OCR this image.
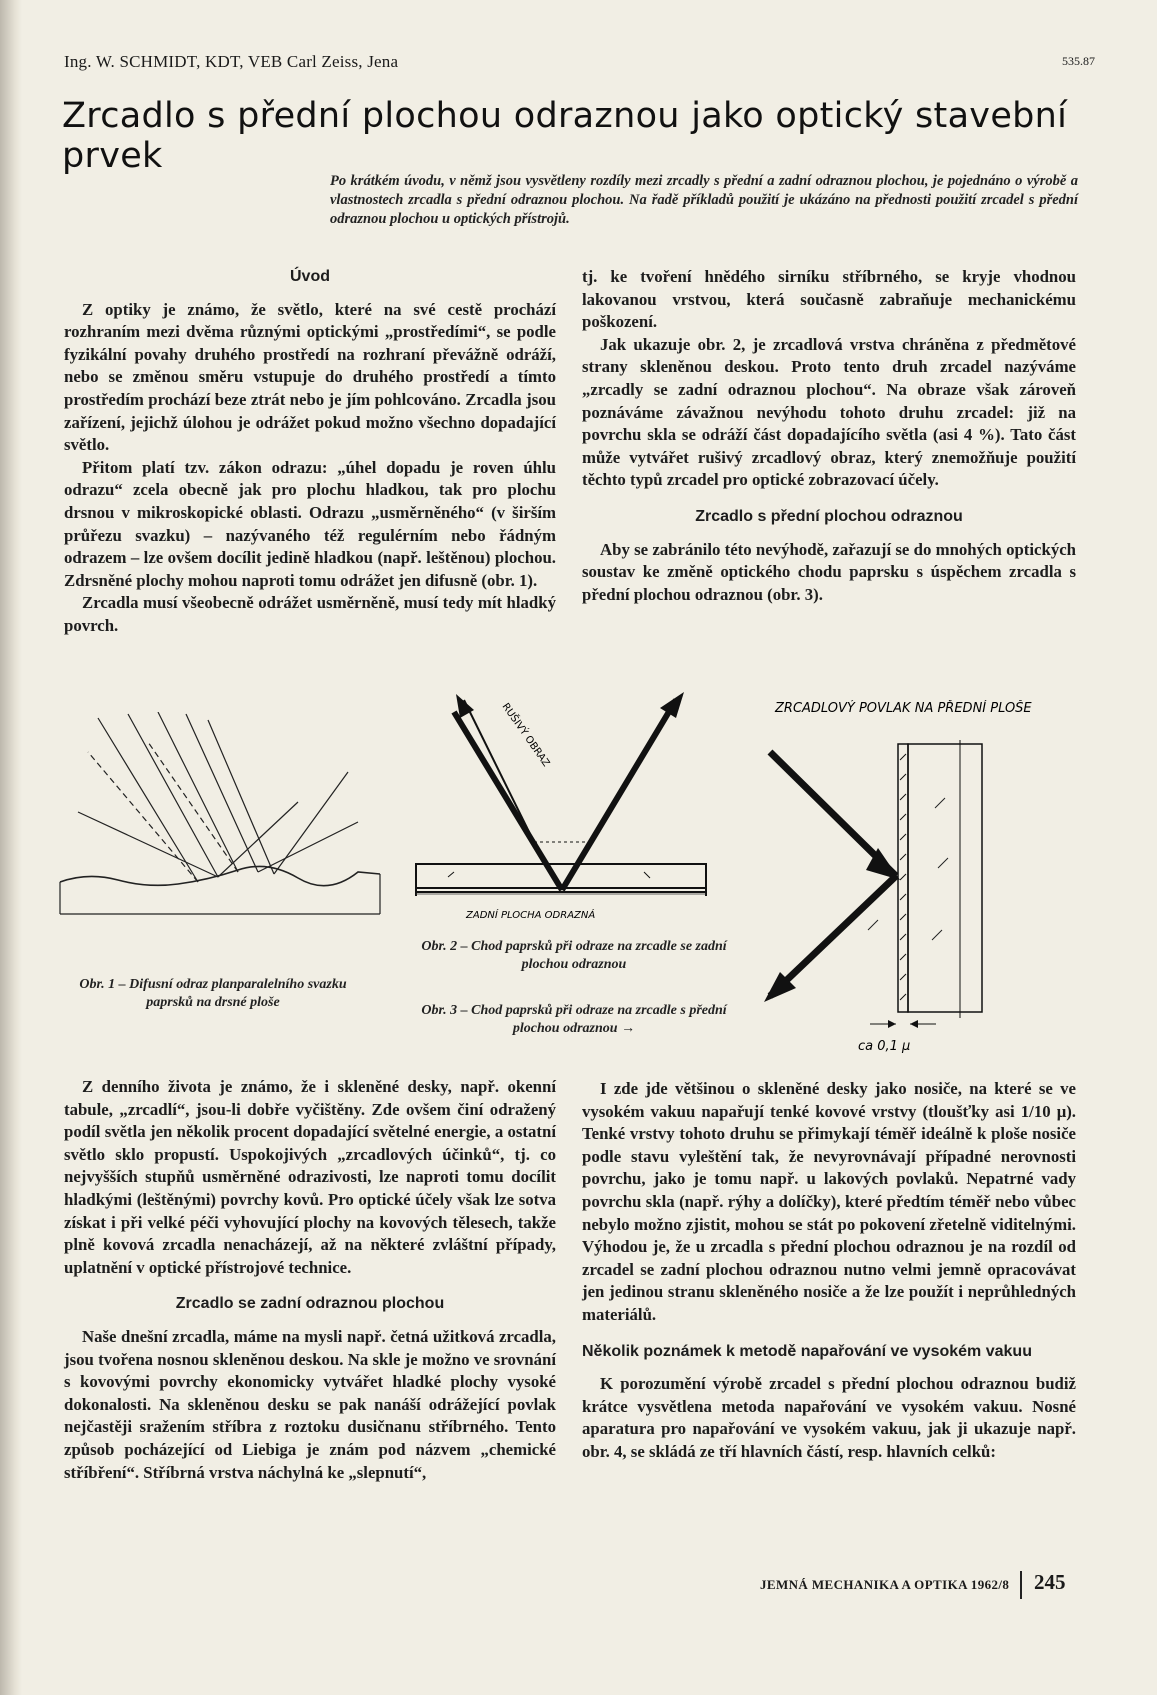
Ing. W. SCHMIDT, KDT, VEB Carl Zeiss, Jena	535.87
Zrcadlo s přední plochou odraznou jako optický stavební prvek
Po krátkém úvodu, v němž jsou vysvětleny rozdíly mezi zrcadly s přední a zadní odraznou plochou, je pojednáno o výrobě a vlastnostech zrcadla s přední odraznou plochou. Na řadě příkladů použití je ukázáno na přednosti použití zrcadel s přední odraznou plochou u optických přístrojů.
Úvod

Z optiky je známo, že světlo, které na své cestě prochází rozhraním mezi dvěma různými optickými „prostředími“, se podle fyzikální povahy druhého prostředí na rozhraní převážně odráží, nebo se změnou směru vstupuje do druhého prostředí a tímto prostředím prochází beze ztrát nebo je jím pohlcováno. Zrcadla jsou zařízení, jejichž úlohou je odrážet pokud možno všechno dopadající světlo.

Přitom platí tzv. zákon odrazu: „úhel dopadu je roven úhlu odrazu“ zcela obecně jak pro plochu hladkou, tak pro plochu drsnou v mikroskopické oblasti. Odrazu „usměrněného“ (v širším průřezu svazku) – nazývaného též regulérním nebo řádným odrazem – lze ovšem docílit jedině hladkou (např. leštěnou) plochou. Zdrsněné plochy mohou naproti tomu odrážet jen difusně (obr. 1).

Zrcadla musí všeobecně odrážet usměrněně, musí tedy mít hladký povrch.

tj. ke tvoření hnědého sirníku stříbrného, se kryje vhodnou lakovanou vrstvou, která současně zabraňuje mechanickému poškození.

Jak ukazuje obr. 2, je zrcadlová vrstva chráněna z předmětové strany skleněnou deskou. Proto tento druh zrcadel nazýváme „zrcadly se zadní odraznou plochou“. Na obraze však zároveň poznáváme závažnou nevýhodu tohoto druhu zrcadel: již na povrchu skla se odráží část dopadajícího světla (asi 4 %). Tato část může vytvářet rušivý zrcadlový obraz, který znemožňuje použití těchto typů zrcadel pro optické zobrazovací účely.

Zrcadlo s přední plochou odraznou

Aby se zabránilo této nevýhodě, zařazují se do mnohých optických soustav ke změně optického chodu paprsku s úspěchem zrcadla s přední plochou odraznou (obr. 3).

RUŠIVÝ OBRAZ
ZADNÍ PLOCHA ODRAZNÁ
ZRCADLOVÝ POVLAK NA PŘEDNÍ PLOŠE
ca 0,1 μ
Obr. 1 – Difusní odraz planparalelního svazku paprsků na drsné ploše
Obr. 2 – Chod paprsků při odraze na zrcadle se zadní plochou odraznou
Obr. 3 – Chod paprsků při odraze na zrcadle s přední plochou odraznou →

Z denního života je známo, že i skleněné desky, např. okenní tabule, „zrcadlí“, jsou-li dobře vyčištěny. Zde ovšem činí odražený podíl světla jen několik procent dopadající světelné energie, a ostatní světlo sklo propustí. Uspokojivých „zrcadlových účinků“, tj. co nejvyšších stupňů usměrněné odrazivosti, lze naproti tomu docílit hladkými (leštěnými) povrchy kovů. Pro optické účely však lze sotva získat i při velké péči vyhovující plochy na kovových tělesech, takže plně kovová zrcadla nenacházejí, až na některé zvláštní případy, uplatnění v optické přístrojové technice.

Zrcadlo se zadní odraznou plochou

Naše dnešní zrcadla, máme na mysli např. četná užitková zrcadla, jsou tvořena nosnou skleněnou deskou. Na skle je možno ve srovnání s kovovými povrchy ekonomicky vytvářet hladké plochy vysoké dokonalosti. Na skleněnou desku se pak nanáší odrážející povlak nejčastěji sražením stříbra z roztoku dusičnanu stříbrného. Tento způsob pocházející od Liebiga je znám pod názvem „chemické stříbření“. Stříbrná vrstva náchylná ke „slepnutí“,

I zde jde většinou o skleněné desky jako nosiče, na které se ve vysokém vakuu napařují tenké kovové vrstvy (tloušťky asi 1/10 μ). Tenké vrstvy tohoto druhu se přimykají téměř ideálně k ploše nosiče podle stavu vyleštění tak, že nevyrovnávají případné nerovnosti povrchu, jako je tomu např. u lakových povlaků. Nepatrné vady povrchu skla (např. rýhy a dolíčky), které předtím téměř nebo vůbec nebylo možno zjistit, mohou se stát po pokovení zřetelně viditelnými. Výhodou je, že u zrcadla s přední plochou odraznou je na rozdíl od zrcadel se zadní plochou odraznou nutno velmi jemně opracovávat jen jedinou stranu skleněného nosiče a že lze použít i neprůhledných materiálů.

Několik poznámek k metodě napařování ve vysokém vakuu

K porozumění výrobě zrcadel s přední plochou odraznou budiž krátce vysvětlena metoda napařování ve vysokém vakuu. Nosné aparatura pro napařování ve vysokém vakuu, jak ji ukazuje např. obr. 4, se skládá ze tří hlavních částí, resp. hlavních celků:

JEMNÁ MECHANIKA A OPTIKA 1962/8 245
